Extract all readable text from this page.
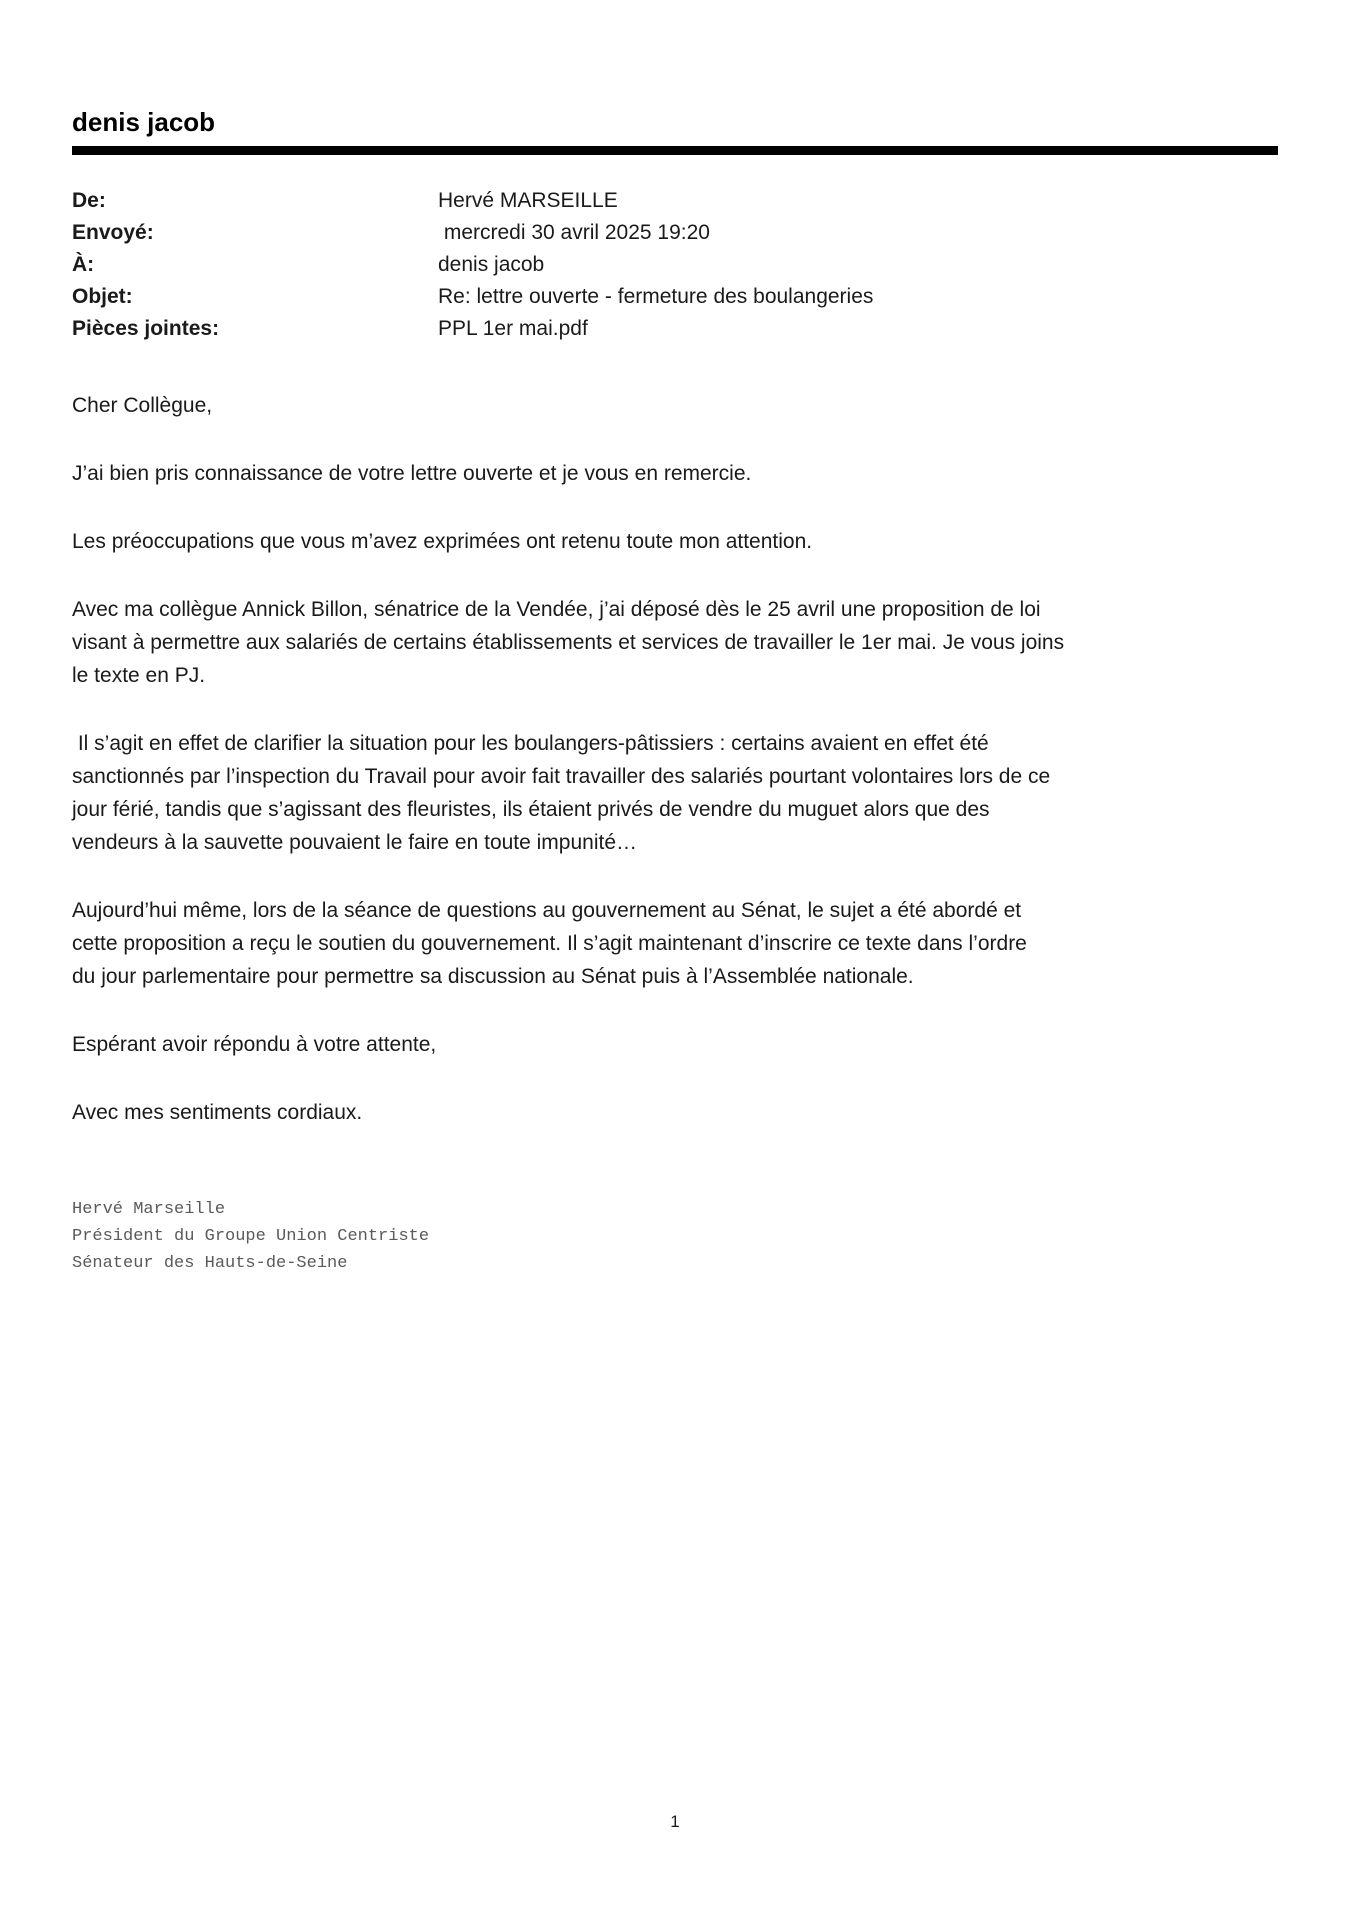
denis jacob
De:	Hervé MARSEILLE
Envoyé:	mercredi 30 avril 2025 19:20
À:	denis jacob
Objet:	Re: lettre ouverte - fermeture des boulangeries
Pièces jointes:	PPL 1er mai.pdf
Cher Collègue,
J’ai bien pris connaissance de votre lettre ouverte et je vous en remercie.
Les préoccupations que vous m’avez exprimées ont retenu toute mon attention.
Avec ma collègue Annick Billon, sénatrice de la Vendée, j’ai déposé dès le 25 avril une proposition de loi
visant à permettre aux salariés de certains établissements et services de travailler le 1er mai. Je vous joins
le texte en PJ.
Il s’agit en effet de clarifier la situation pour les boulangers-pâtissiers : certains avaient en effet été
sanctionnés par l’inspection du Travail pour avoir fait travailler des salariés pourtant volontaires lors de ce
jour férié, tandis que s’agissant des fleuristes, ils étaient privés de vendre du muguet alors que des
vendeurs à la sauvette pouvaient le faire en toute impunité…
Aujourd’hui même, lors de la séance de questions au gouvernement au Sénat, le sujet a été abordé et
cette proposition a reçu le soutien du gouvernement. Il s’agit maintenant d’inscrire ce texte dans l’ordre
du jour parlementaire pour permettre sa discussion au Sénat puis à l’Assemblée nationale.
Espérant avoir répondu à votre attente,
Avec mes sentiments cordiaux.
Hervé Marseille
Président du Groupe Union Centriste
Sénateur des Hauts-de-Seine
1
